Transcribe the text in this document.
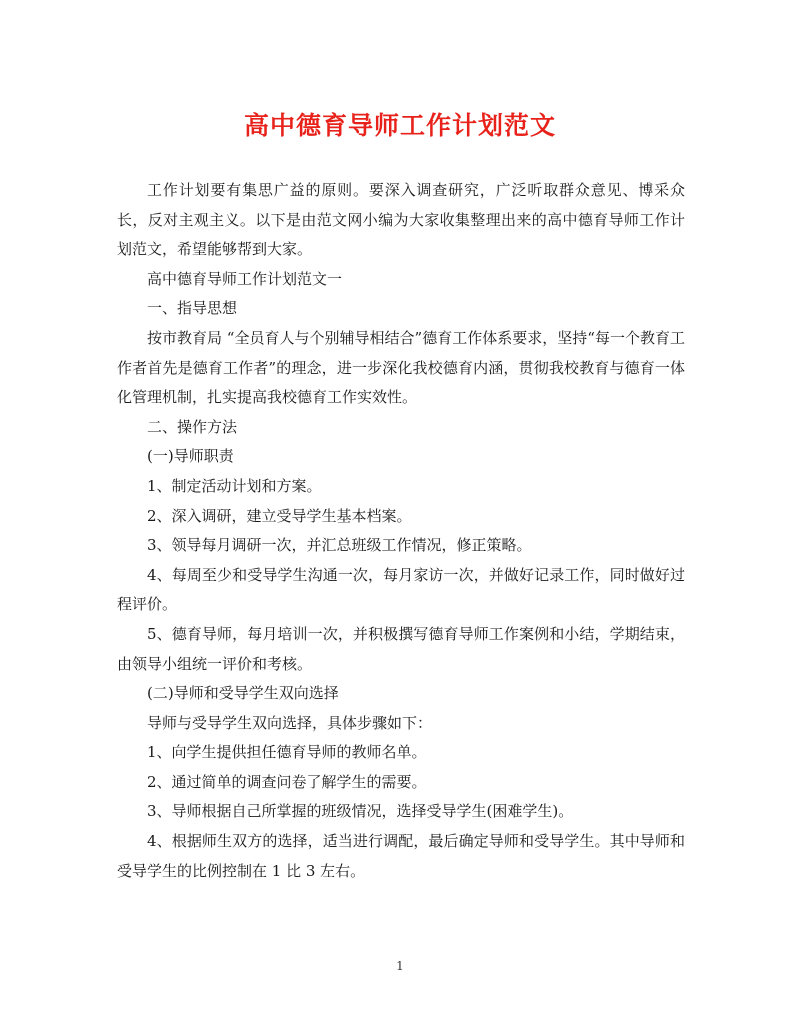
高中德育导师工作计划范文

工作计划要有集思广益的原则。要深入调查研究，广泛听取群众意见、博采众长，反对主观主义。以下是由范文网小编为大家收集整理出来的高中德育导师工作计划范文，希望能够帮到大家。

高中德育导师工作计划范文一

一、指导思想

按市教育局 “全员育人与个别辅导相结合”德育工作体系要求，坚持“每一个教育工作者首先是德育工作者”的理念，进一步深化我校德育内涵，贯彻我校教育与德育一体化管理机制，扎实提高我校德育工作实效性。

二、操作方法

(一)导师职责

1、制定活动计划和方案。

2、深入调研，建立受导学生基本档案。

3、领导每月调研一次，并汇总班级工作情况，修正策略。

4、每周至少和受导学生沟通一次，每月家访一次，并做好记录工作，同时做好过程评价。

5、德育导师，每月培训一次，并积极撰写德育导师工作案例和小结，学期结束，由领导小组统一评价和考核。

(二)导师和受导学生双向选择

导师与受导学生双向选择，具体步骤如下：

1、向学生提供担任德育导师的教师名单。

2、通过简单的调查问卷了解学生的需要。

3、导师根据自己所掌握的班级情况，选择受导学生(困难学生)。

4、根据师生双方的选择，适当进行调配，最后确定导师和受导学生。其中导师和受导学生的比例控制在 1 比 3 左右。

1
